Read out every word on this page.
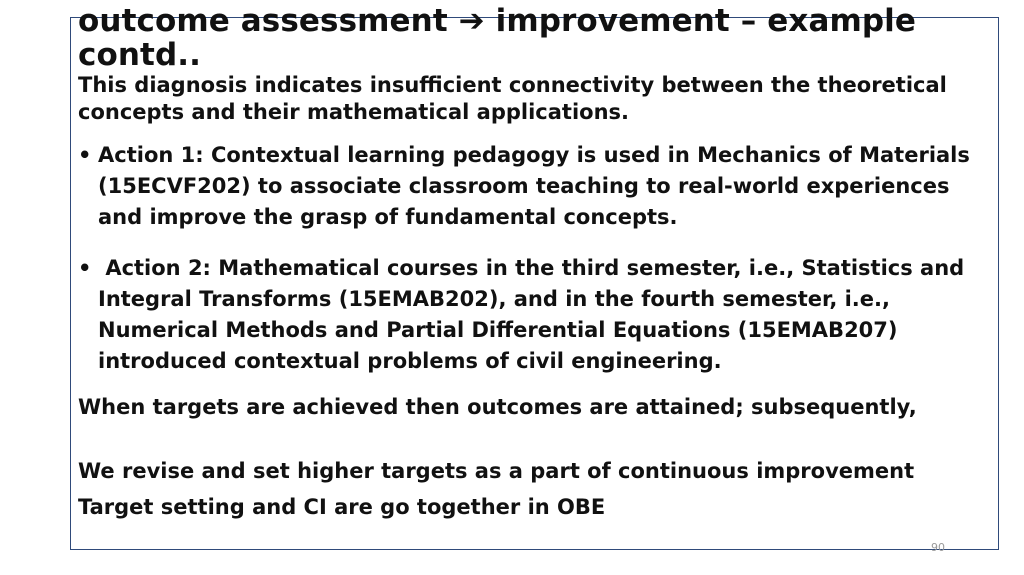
outcome assessment ➔ improvement – example contd..

This diagnosis indicates insufficient connectivity between the theoretical concepts and their mathematical applications.

• Action 1: Contextual learning pedagogy is used in Mechanics of Materials (15ECVF202) to associate classroom teaching to real-world experiences and improve the grasp of fundamental concepts.
• Action 2: Mathematical courses in the third semester, i.e., Statistics and Integral Transforms (15EMAB202), and in the fourth semester, i.e., Numerical Methods and Partial Differential Equations (15EMAB207) introduced contextual problems of civil engineering.

When targets are achieved then outcomes are attained; subsequently,

We revise and set higher targets as a part of continuous improvement

Target setting and CI are go together in OBE

90
